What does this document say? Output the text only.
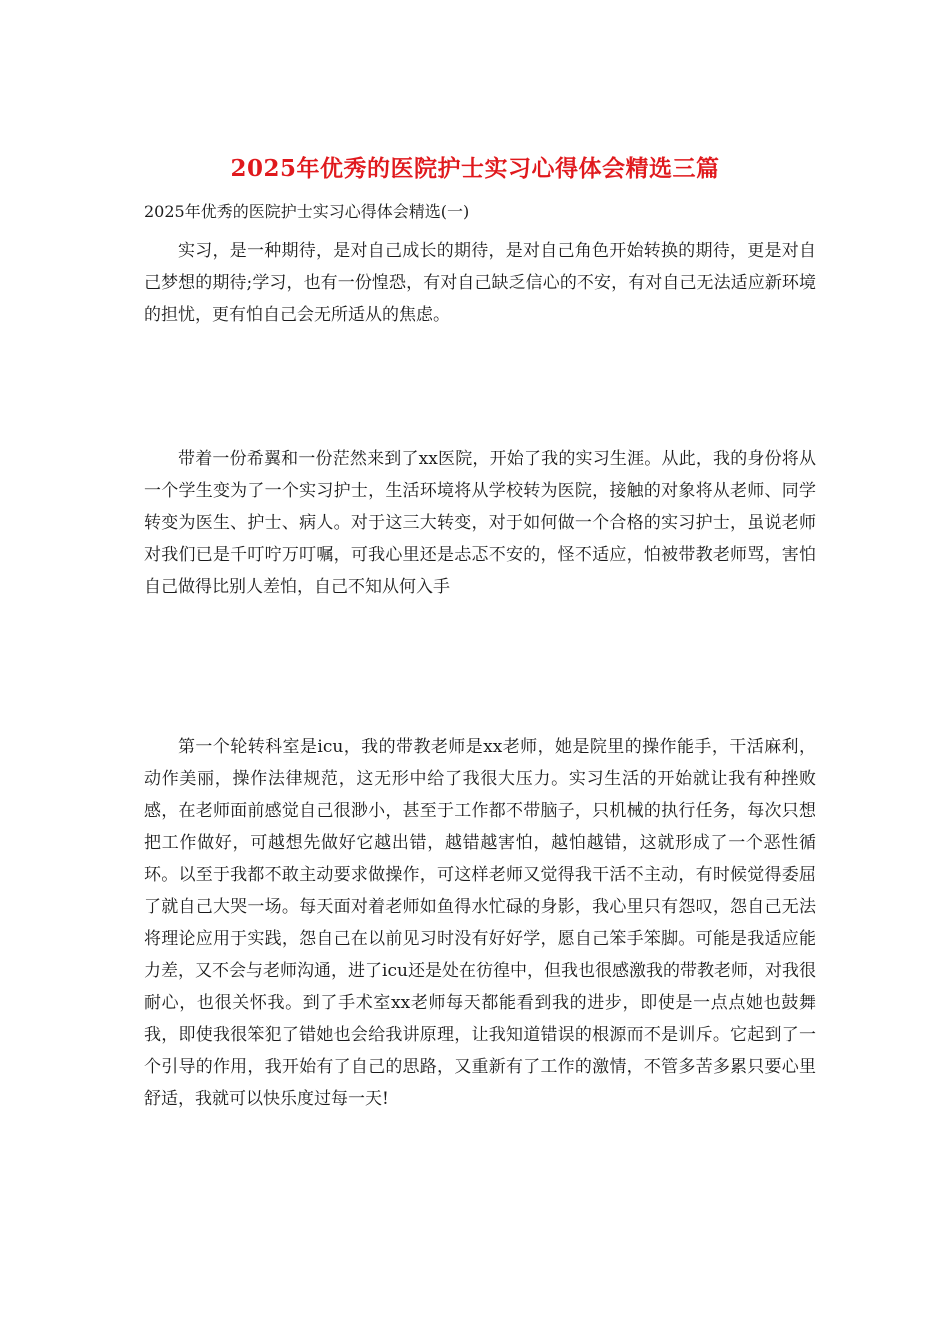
2025年优秀的医院护士实习心得体会精选三篇
2025年优秀的医院护士实习心得体会精选(一)

实习，是一种期待，是对自己成长的期待，是对自己角色开始转换的期待，更是对自己梦想的期待;学习，也有一份惶恐，有对自己缺乏信心的不安，有对自己无法适应新环境的担忧，更有怕自己会无所适从的焦虑。

带着一份希翼和一份茫然来到了xx医院，开始了我的实习生涯。从此，我的身份将从一个学生变为了一个实习护士，生活环境将从学校转为医院，接触的对象将从老师、同学转变为医生、护士、病人。对于这三大转变，对于如何做一个合格的实习护士，虽说老师对我们已是千叮咛万叮嘱，可我心里还是忐忑不安的，怪不适应，怕被带教老师骂，害怕自己做得比别人差怕，自己不知从何入手

第一个轮转科室是icu，我的带教老师是xx老师，她是院里的操作能手，干活麻利，动作美丽，操作法律规范，这无形中给了我很大压力。实习生活的开始就让我有种挫败感，在老师面前感觉自己很渺小，甚至于工作都不带脑子，只机械的执行任务，每次只想把工作做好，可越想先做好它越出错，越错越害怕，越怕越错，这就形成了一个恶性循环。以至于我都不敢主动要求做操作，可这样老师又觉得我干活不主动，有时候觉得委屈了就自己大哭一场。每天面对着老师如鱼得水忙碌的身影，我心里只有怨叹，怨自己无法将理论应用于实践，怨自己在以前见习时没有好好学，愿自己笨手笨脚。可能是我适应能力差，又不会与老师沟通，进了icu还是处在彷徨中，但我也很感激我的带教老师，对我很耐心，也很关怀我。到了手术室xx老师每天都能看到我的进步，即使是一点点她也鼓舞我，即使我很笨犯了错她也会给我讲原理，让我知道错误的根源而不是训斥。它起到了一个引导的作用，我开始有了自己的思路，又重新有了工作的激情，不管多苦多累只要心里舒适，我就可以快乐度过每一天!
